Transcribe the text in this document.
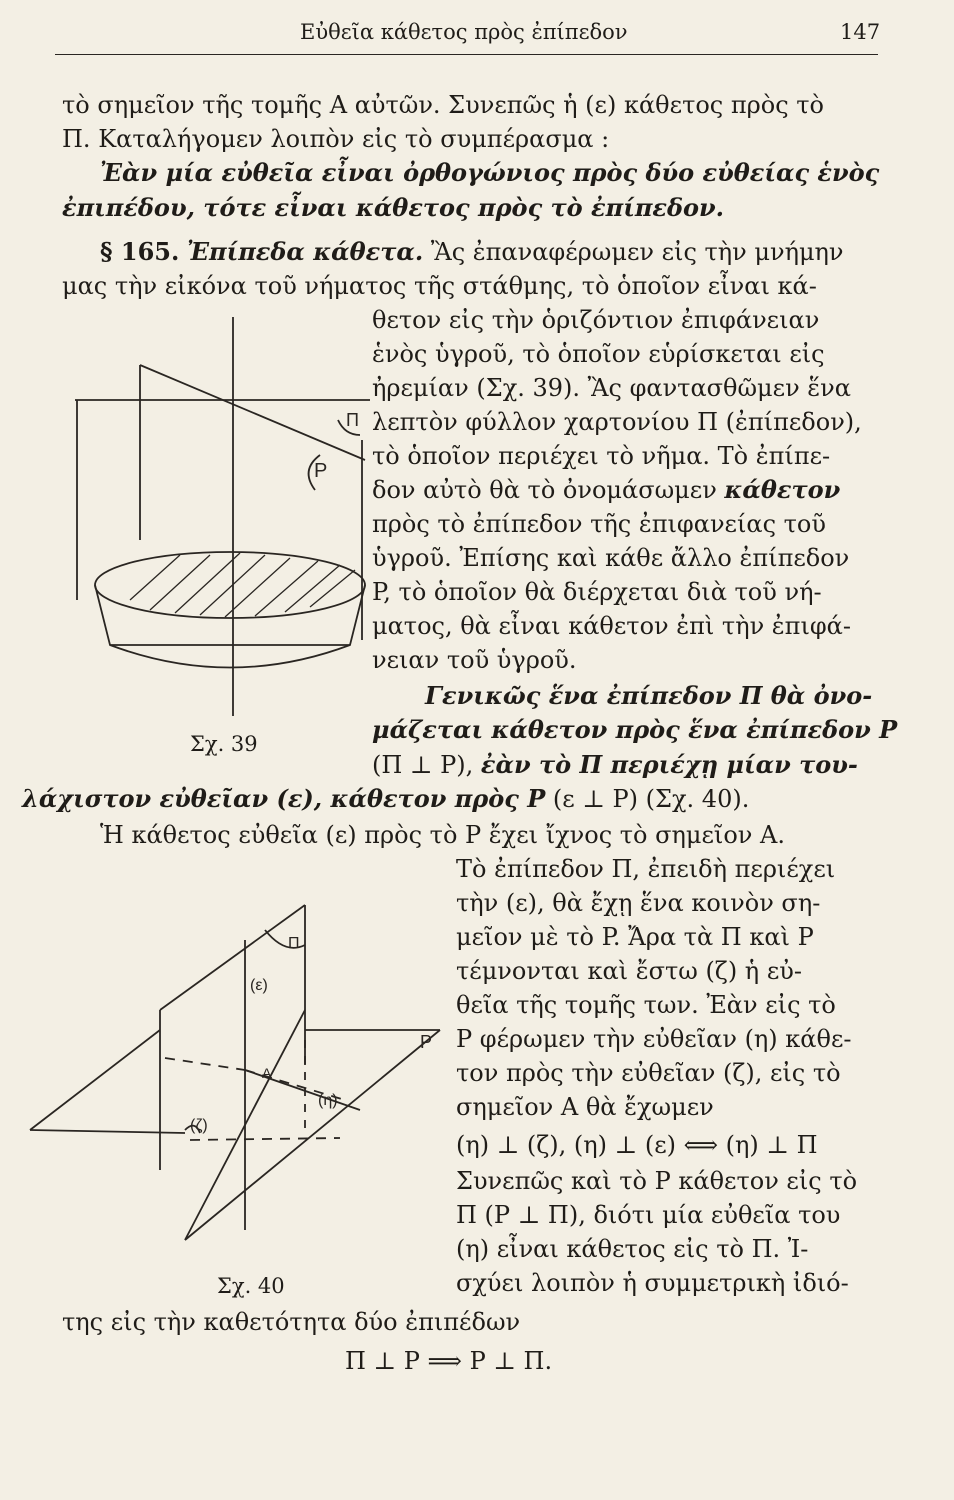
Εὐθεῖα κάθετος πρὸς ἐπίπεδον	147
τὸ σημεῖον τῆς τομῆς A αὐτῶν. Συνεπῶς ἡ (ε) κάθετος πρὸς τὸ
Π. Καταλήγομεν λοιπὸν εἰς τὸ συμπέρασμα :
Ἐὰν μία εὐθεῖα εἶναι ὀρθογώνιος πρὸς δύο εὐθείας ἑνὸς
ἐπιπέδου, τότε εἶναι κάθετος πρὸς τὸ ἐπίπεδον.
§ 165. Ἐπίπεδα κάθετα. Ἂς ἐπαναφέρωμεν εἰς τὴν μνήμην
μας τὴν εἰκόνα τοῦ νήματος τῆς στάθμης, τὸ ὁποῖον εἶναι κά-
θετον εἰς τὴν ὁριζόντιον ἐπιφάνειαν
ἑνὸς ὑγροῦ, τὸ ὁποῖον εὑρίσκεται εἰς
ἠρεμίαν (Σχ. 39). Ἂς φαντασθῶμεν ἕνα
λεπτὸν φύλλον χαρτονίου Π (ἐπίπεδον),
τὸ ὁποῖον περιέχει τὸ νῆμα. Τὸ ἐπίπε-
δον αὐτὸ θὰ τὸ ὀνομάσωμεν κάθετον
πρὸς τὸ ἐπίπεδον τῆς ἐπιφανείας τοῦ
ὑγροῦ. Ἐπίσης καὶ κάθε ἄλλο ἐπίπεδον
P, τὸ ὁποῖον θὰ διέρχεται διὰ τοῦ νή-
ματος, θὰ εἶναι κάθετον ἐπὶ τὴν ἐπιφά-
νειαν τοῦ ὑγροῦ.
Γενικῶς ἕνα ἐπίπεδον Π θὰ ὀνο-
μάζεται κάθετον πρὸς ἕνα ἐπίπεδον P
(Π ⊥ P), ἐὰν τὸ Π περιέχῃ μίαν του-
λάχιστον εὐθεῖαν (ε), κάθετον πρὸς P (ε ⊥ P) (Σχ. 40).
Π
P
Σχ. 39
Ἡ κάθετος εὐθεῖα (ε) πρὸς τὸ P ἔχει ἴχνος τὸ σημεῖον A.
Τὸ ἐπίπεδον Π, ἐπειδὴ περιέχει
τὴν (ε), θὰ ἔχῃ ἕνα κοινὸν ση-
μεῖον μὲ τὸ P. Ἄρα τὰ Π καὶ P
τέμνονται καὶ ἔστω (ζ) ἡ εὐ-
θεῖα τῆς τομῆς των. Ἐὰν εἰς τὸ
P φέρωμεν τὴν εὐθεῖαν (η) κάθε-
τον πρὸς τὴν εὐθεῖαν (ζ), εἰς τὸ
σημεῖον A θὰ ἔχωμεν
(η) ⊥ (ζ), (η) ⊥ (ε) ⟺ (η) ⊥ Π
Συνεπῶς καὶ τὸ P κάθετον εἰς τὸ
Π (P ⊥ Π), διότι μία εὐθεῖα του
(η) εἶναι κάθετος εἰς τὸ Π. Ἰ-
σχύει λοιπὸν ἡ συμμετρικὴ ἰδιό-
της εἰς τὴν καθετότητα δύο ἐπιπέδων
Π ⊥ P ⟹ P ⊥ Π.
Π
(ε)
P
A
(η)
(ζ)
Σχ. 40
